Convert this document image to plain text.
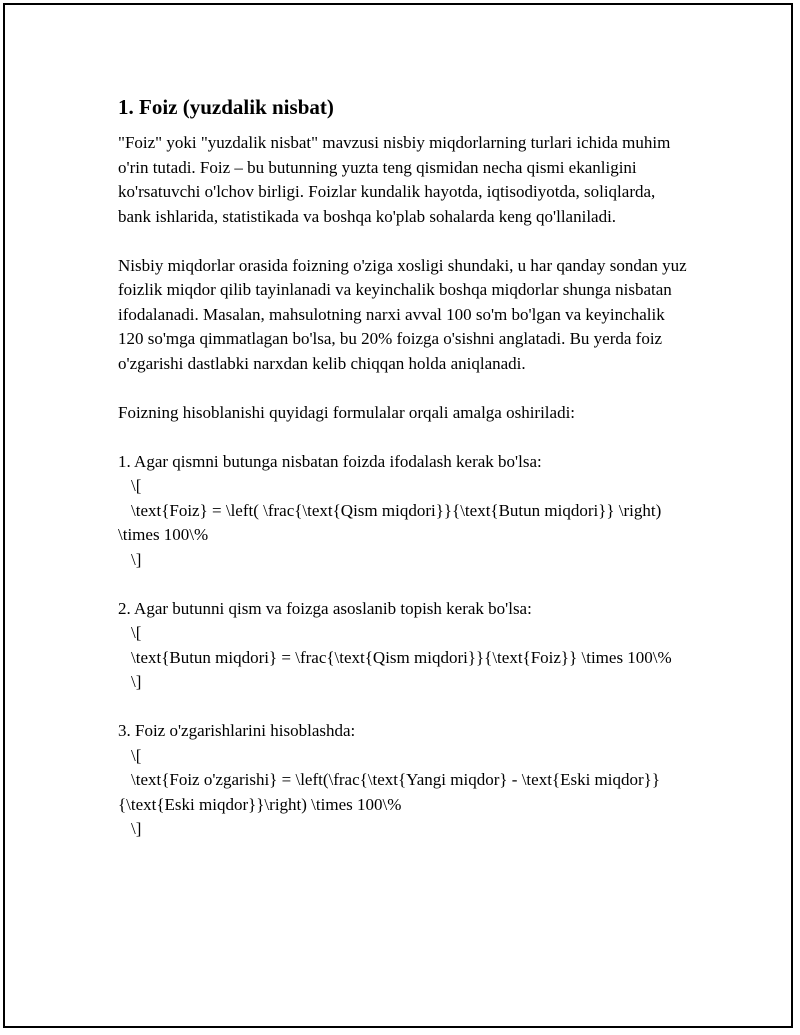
1. Foiz (yuzdalik nisbat)

"Foiz" yoki "yuzdalik nisbat" mavzusi nisbiy miqdorlarning turlari ichida muhim o'rin tutadi. Foiz – bu butunning yuzta teng qismidan necha qismi ekanligini ko'rsatuvchi o'lchov birligi. Foizlar kundalik hayotda, iqtisodiyotda, soliqlarda, bank ishlarida, statistikada va boshqa ko'plab sohalarda keng qo'llaniladi.

Nisbiy miqdorlar orasida foizning o'ziga xosligi shundaki, u har qanday sondan yuz foizlik miqdor qilib tayinlanadi va keyinchalik boshqa miqdorlar shunga nisbatan ifodalanadi. Masalan, mahsulotning narxi avval 100 so'm bo'lgan va keyinchalik 120 so'mga qimmatlagan bo'lsa, bu 20% foizga o'sishni anglatadi. Bu yerda foiz o'zgarishi dastlabki narxdan kelib chiqqan holda aniqlanadi.

Foizning hisoblanishi quyidagi formulalar orqali amalga oshiriladi:

1. Agar qismni butunga nisbatan foizda ifodalash kerak bo'lsa:
\[
\text{Foiz} = \left( \frac{\text{Qism miqdori}}{\text{Butun miqdori}} \right) \times 100\%
\]
2. Agar butunni qism va foizga asoslanib topish kerak bo'lsa:
\[
\text{Butun miqdori} = \frac{\text{Qism miqdori}}{\text{Foiz}} \times 100\%
\]
3. Foiz o'zgarishlarini hisoblashda:
\[
\text{Foiz o'zgarishi} = \left(\frac{\text{Yangi miqdor} - \text{Eski miqdor}}{\text{Eski miqdor}}\right) \times 100\%
\]
